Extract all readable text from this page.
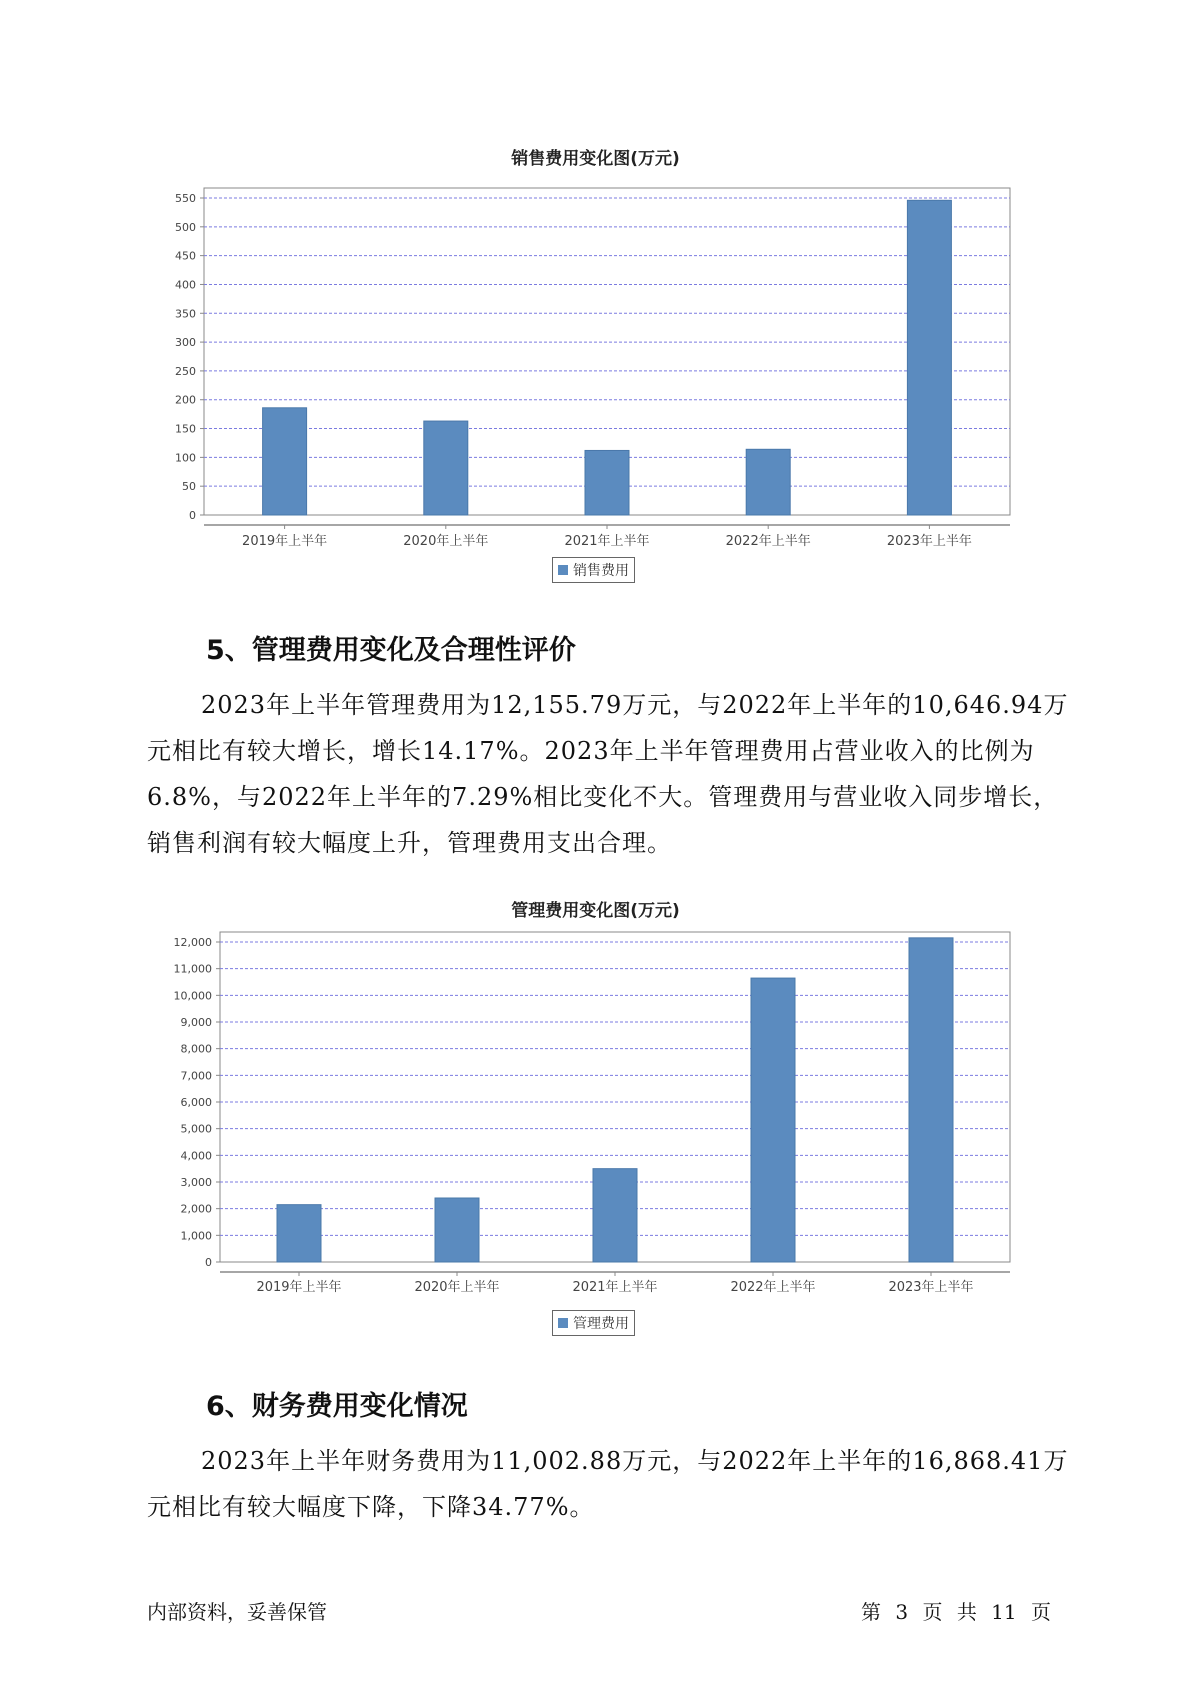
销售费用变化图(万元)
0
50
100
150
200
250
300
350
400
450
500
550
2019年上半年	2020年上半年	2021年上半年	2022年上半年	2023年上半年
销售费用
5、管理费用变化及合理性评价

2023年上半年管理费用为12,155.79万元，与2022年上半年的10,646.94万元相比有较大增长，增长14.17%。2023年上半年管理费用占营业收入的比例为6.8%，与2022年上半年的7.29%相比变化不大。管理费用与营业收入同步增长，销售利润有较大幅度上升，管理费用支出合理。

管理费用变化图(万元)
0
1,000
2,000
3,000
4,000
5,000
6,000
7,000
8,000
9,000
10,000
11,000
12,000
2019年上半年	2020年上半年	2021年上半年	2022年上半年	2023年上半年
管理费用
6、财务费用变化情况

2023年上半年财务费用为11,002.88万元，与2022年上半年的16,868.41万元相比有较大幅度下降，下降34.77%。

内部资料，妥善保管	第 3 页 共 11 页
